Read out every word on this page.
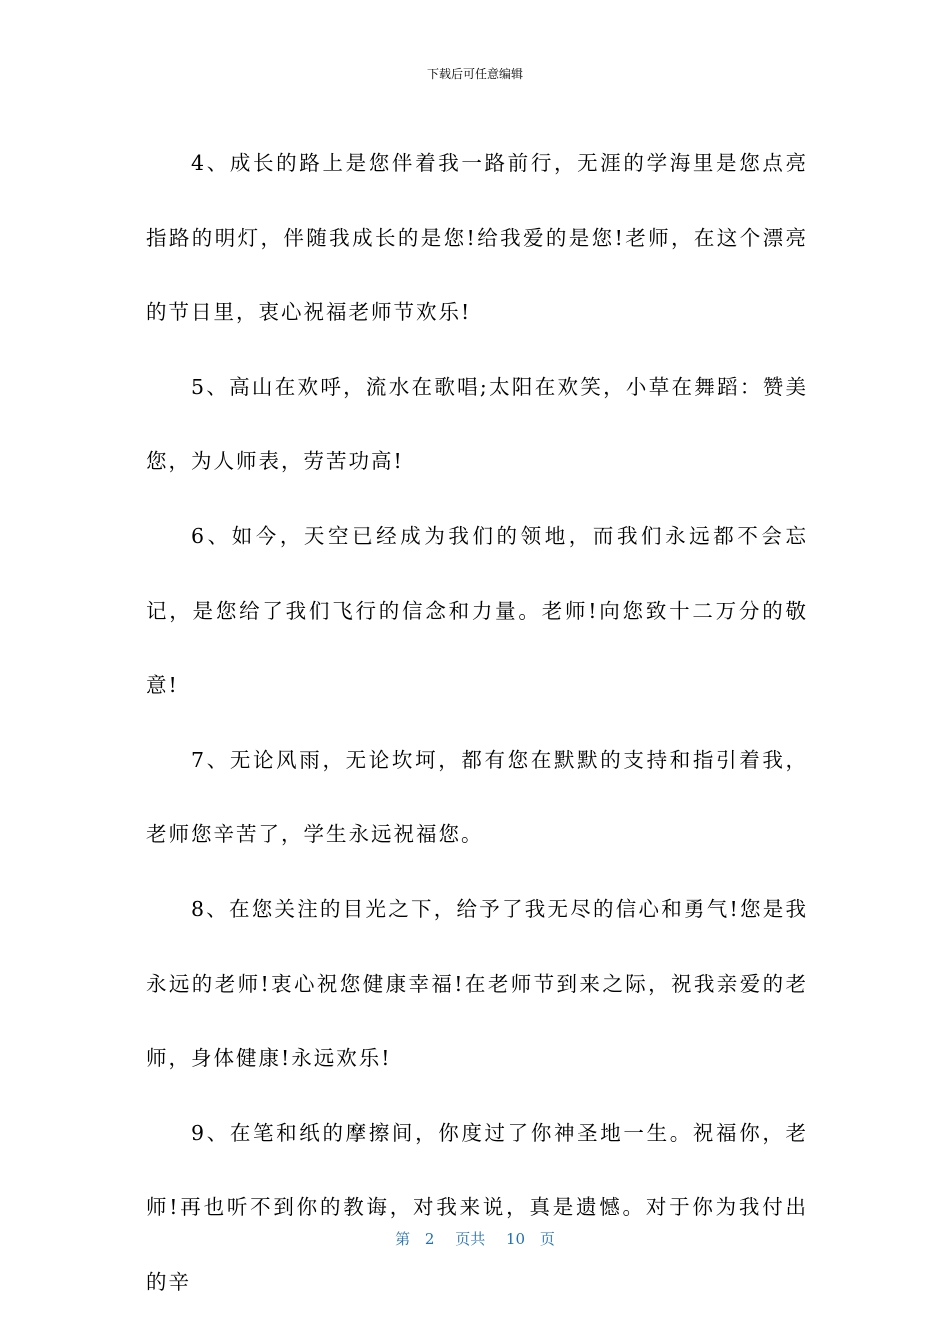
下载后可任意编辑

4、成长的路上是您伴着我一路前行，无涯的学海里是您点亮指路的明灯，伴随我成长的是您!给我爱的是您!老师，在这个漂亮的节日里，衷心祝福老师节欢乐!

5、高山在欢呼，流水在歌唱;太阳在欢笑，小草在舞蹈：赞美您，为人师表，劳苦功高!

6、如今，天空已经成为我们的领地，而我们永远都不会忘记，是您给了我们飞行的信念和力量。老师!向您致十二万分的敬意!

7、无论风雨，无论坎坷，都有您在默默的支持和指引着我，老师您辛苦了，学生永远祝福您。

8、在您关注的目光之下，给予了我无尽的信心和勇气!您是我永远的老师!衷心祝您健康幸福!在老师节到来之际，祝我亲爱的老师，身体健康!永远欢乐!

9、在笔和纸的摩擦间，你度过了你神圣地一生。祝福你，老师!再也听不到你的教诲，对我来说，真是遗憾。对于你为我付出的辛

第 2 页共 10 页
